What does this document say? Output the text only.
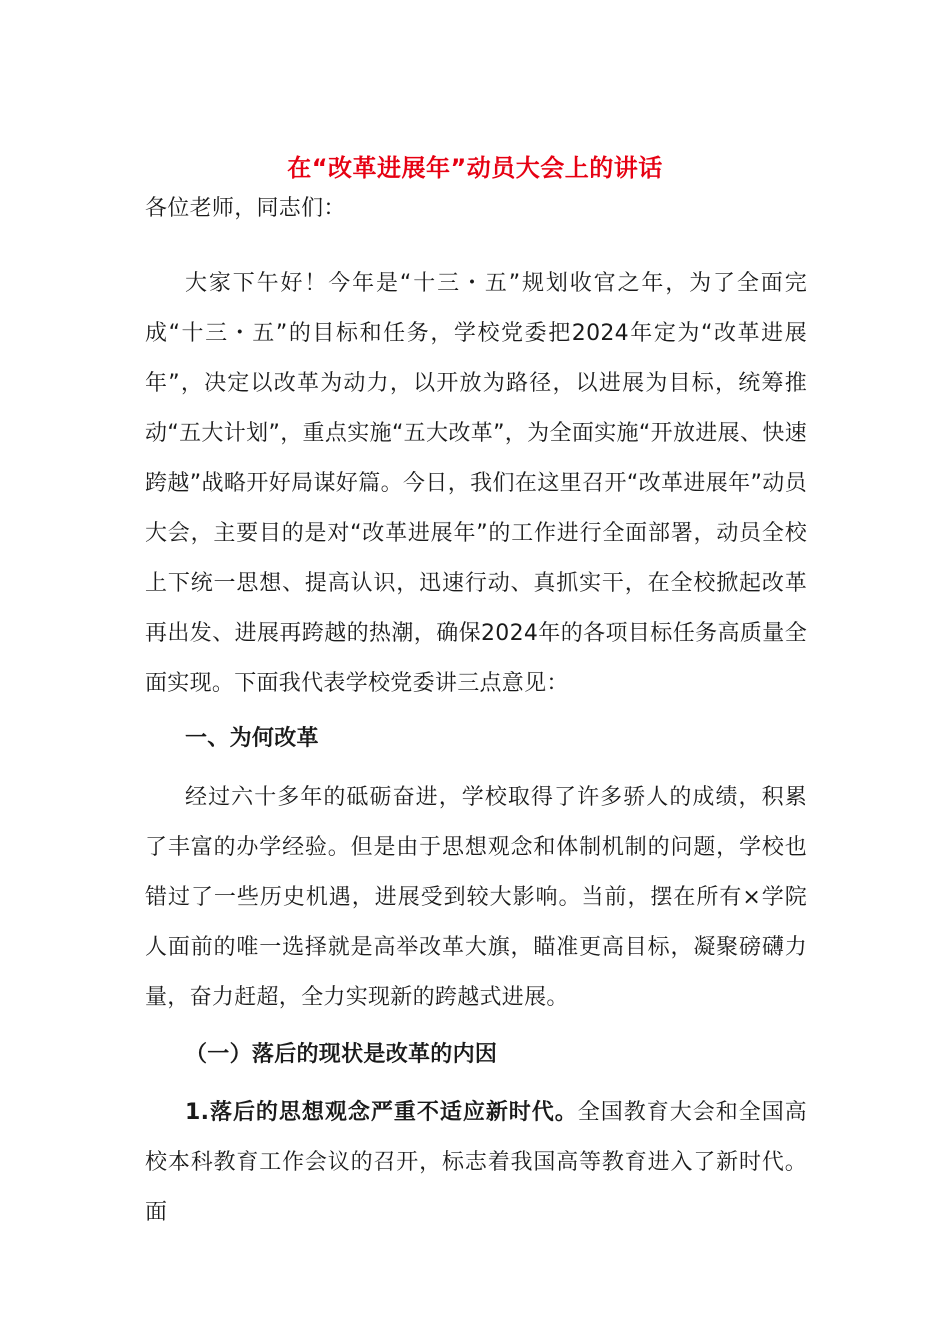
在“改革进展年”动员大会上的讲话
各位老师，同志们：
大家下午好！今年是“十三・五”规划收官之年，为了全面完成“十三・五”的目标和任务，学校党委把2024年定为“改革进展年”，决定以改革为动力，以开放为路径，以进展为目标，统筹推动“五大计划”，重点实施“五大改革”，为全面实施“开放进展、快速跨越”战略开好局谋好篇。今日，我们在这里召开“改革进展年”动员大会，主要目的是对“改革进展年”的工作进行全面部署，动员全校上下统一思想、提高认识，迅速行动、真抓实干，在全校掀起改革再出发、进展再跨越的热潮，确保2024年的各项目标任务高质量全面实现。下面我代表学校党委讲三点意见：
一、为何改革
经过六十多年的砥砺奋进，学校取得了许多骄人的成绩，积累了丰富的办学经验。但是由于思想观念和体制机制的问题，学校也错过了一些历史机遇，进展受到较大影响。当前，摆在所有×学院人面前的唯一选择就是高举改革大旗，瞄准更高目标，凝聚磅礴力量，奋力赶超，全力实现新的跨越式进展。
（一）落后的现状是改革的内因
1.落后的思想观念严重不适应新时代。全国教育大会和全国高校本科教育工作会议的召开，标志着我国高等教育进入了新时代。面
